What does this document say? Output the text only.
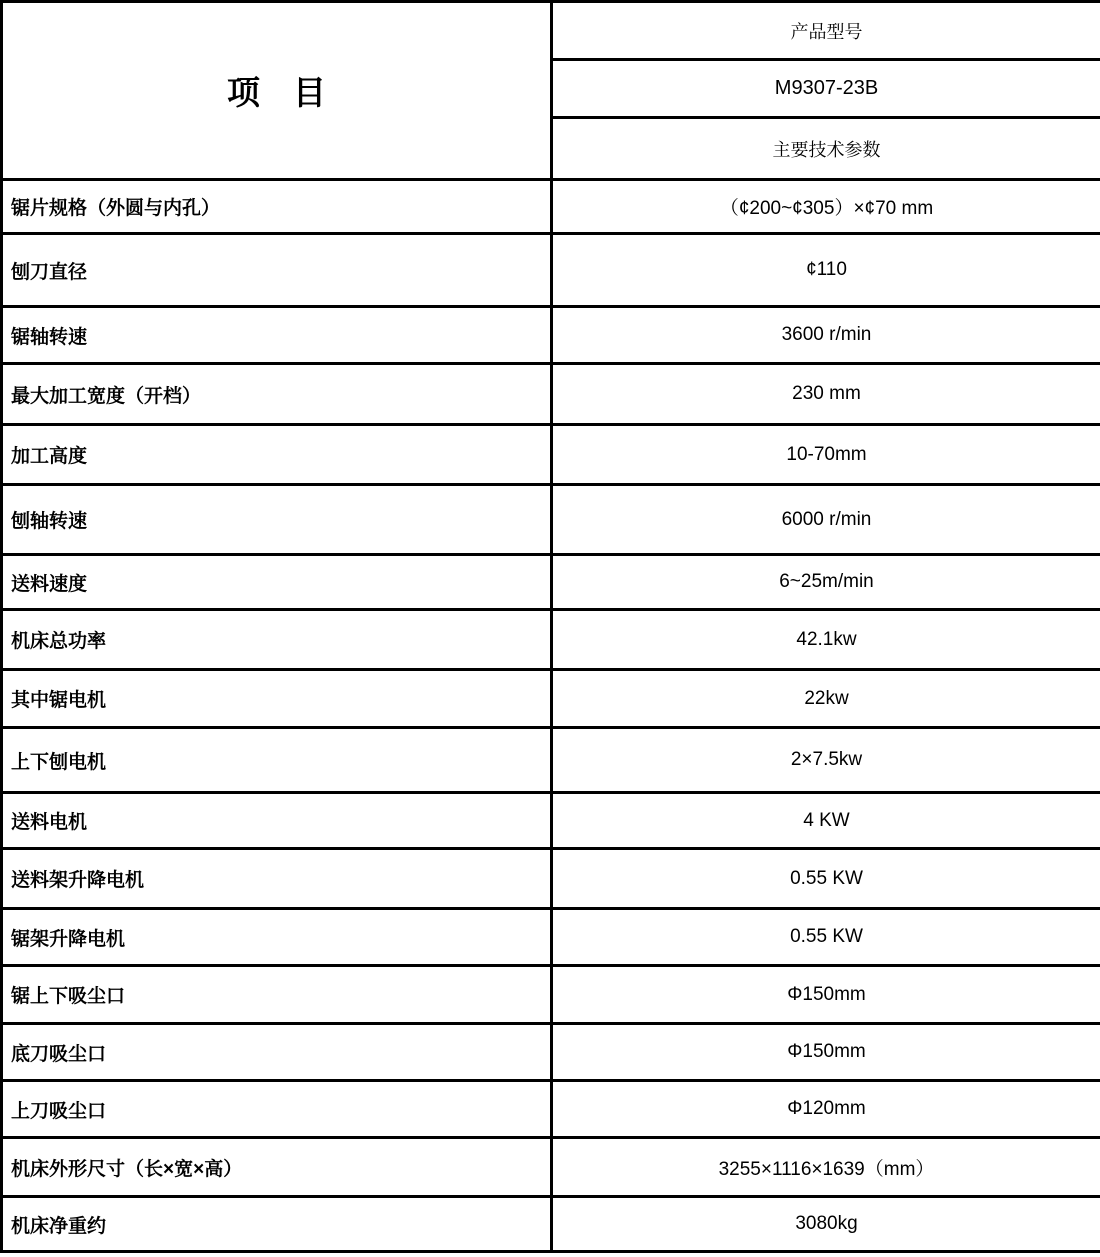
项　目	产品型号
	M9307-23B
	主要技术参数
锯片规格（外圆与内孔）	（¢200~¢305）×¢70 mm
刨刀直径	¢110
锯轴转速	3600 r/min
最大加工宽度（开档）	230 mm
加工高度	10-70mm
刨轴转速	6000 r/min
送料速度	6~25m/min
机床总功率	42.1kw
其中锯电机	22kw
上下刨电机	2×7.5kw
送料电机	4 KW
送料架升降电机	0.55 KW
锯架升降电机	0.55 KW
锯上下吸尘口	Φ150mm
底刀吸尘口	Φ150mm
上刀吸尘口	Φ120mm
机床外形尺寸（长×宽×高）	3255×1116×1639（mm）
机床净重约	3080kg
